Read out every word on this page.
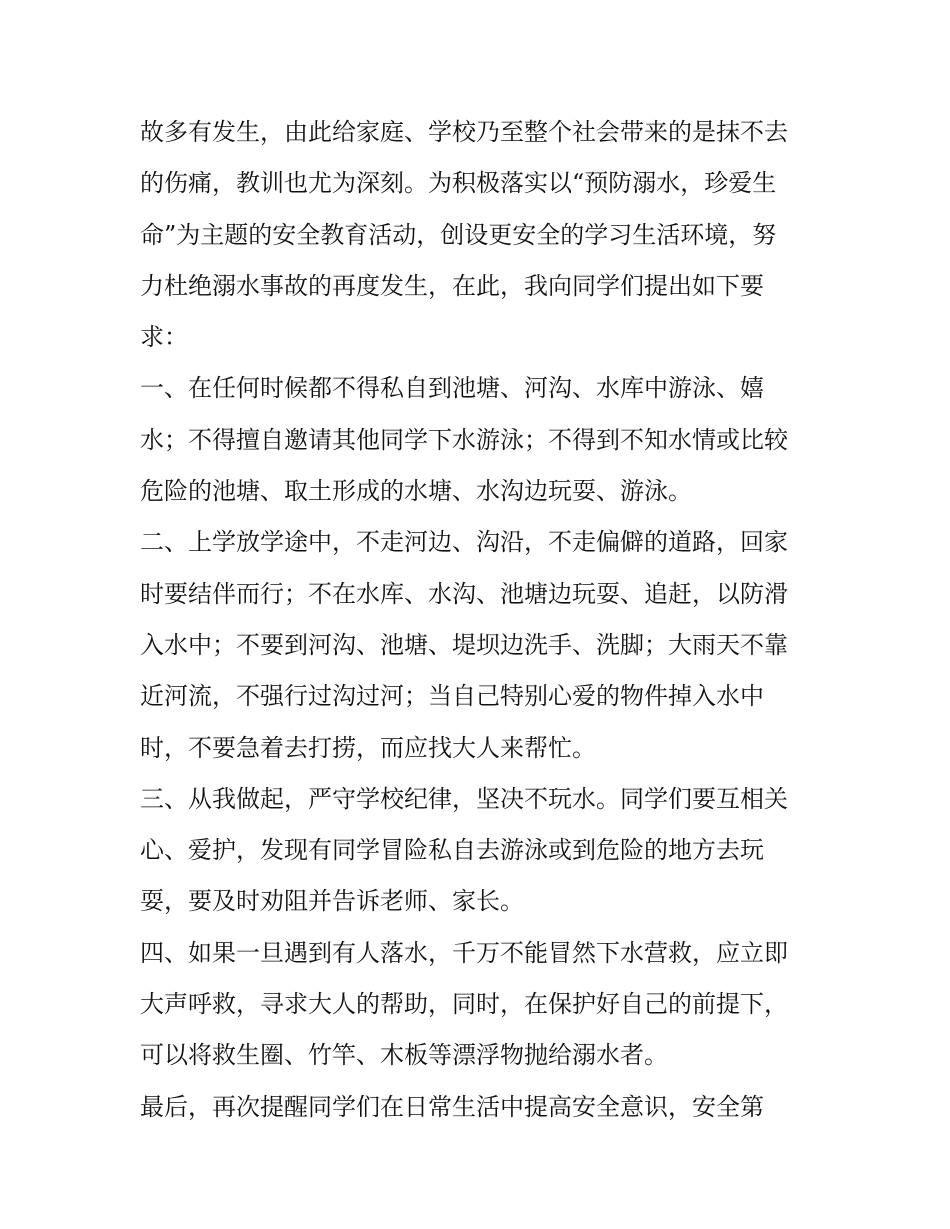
故多有发生，由此给家庭、学校乃至整个社会带来的是抹不去

的伤痛，教训也尤为深刻。为积极落实以“预防溺水，珍爱生

命”为主题的安全教育活动，创设更安全的学习生活环境，努

力杜绝溺水事故的再度发生，在此，我向同学们提出如下要

求：

一、在任何时候都不得私自到池塘、河沟、水库中游泳、嬉

水；不得擅自邀请其他同学下水游泳；不得到不知水情或比较

危险的池塘、取土形成的水塘、水沟边玩耍、游泳。

二、上学放学途中，不走河边、沟沿，不走偏僻的道路，回家

时要结伴而行；不在水库、水沟、池塘边玩耍、追赶，以防滑

入水中；不要到河沟、池塘、堤坝边洗手、洗脚；大雨天不靠

近河流，不强行过沟过河；当自己特别心爱的物件掉入水中

时，不要急着去打捞，而应找大人来帮忙。

三、从我做起，严守学校纪律，坚决不玩水。同学们要互相关

心、爱护，发现有同学冒险私自去游泳或到危险的地方去玩

耍，要及时劝阻并告诉老师、家长。

四、如果一旦遇到有人落水，千万不能冒然下水营救，应立即

大声呼救，寻求大人的帮助，同时，在保护好自己的前提下，

可以将救生圈、竹竿、木板等漂浮物抛给溺水者。

最后，再次提醒同学们在日常生活中提高安全意识，安全第
